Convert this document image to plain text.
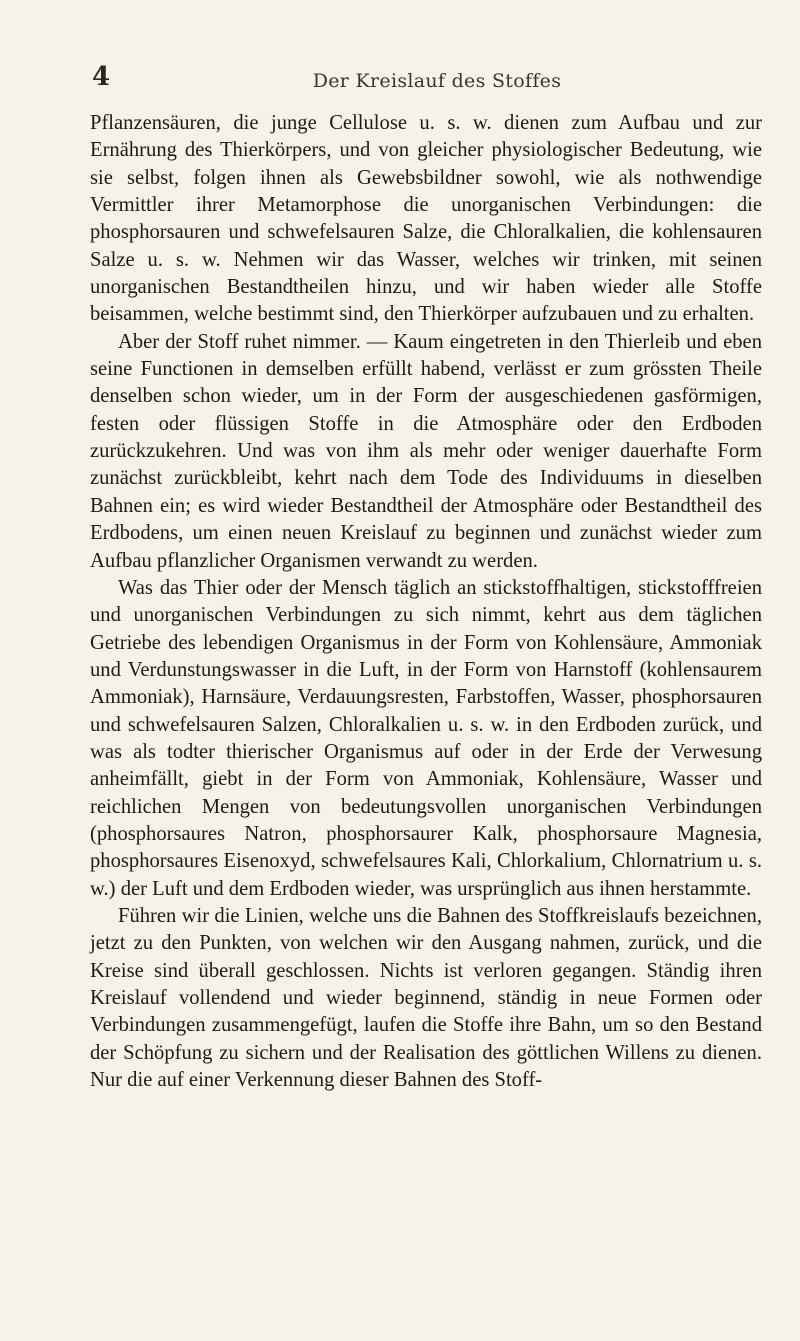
4	Der Kreislauf des Stoffes

Pflanzensäuren, die junge Cellulose u. s. w. dienen zum Aufbau und zur Ernährung des Thierkörpers, und von gleicher physiologischer Bedeutung, wie sie selbst, folgen ihnen als Gewebsbildner sowohl, wie als nothwendige Vermittler ihrer Metamorphose die unorganischen Verbindungen: die phosphorsauren und schwefelsauren Salze, die Chloralkalien, die kohlensauren Salze u. s. w. Nehmen wir das Wasser, welches wir trinken, mit seinen unorganischen Bestandtheilen hinzu, und wir haben wieder alle Stoffe beisammen, welche bestimmt sind, den Thierkörper aufzubauen und zu erhalten.

Aber der Stoff ruhet nimmer. — Kaum eingetreten in den Thierleib und eben seine Functionen in demselben erfüllt habend, verlässt er zum grössten Theile denselben schon wieder, um in der Form der ausgeschiedenen gasförmigen, festen oder flüssigen Stoffe in die Atmosphäre oder den Erdboden zurückzukehren. Und was von ihm als mehr oder weniger dauerhafte Form zunächst zurückbleibt, kehrt nach dem Tode des Individuums in dieselben Bahnen ein; es wird wieder Bestandtheil der Atmosphäre oder Bestandtheil des Erdbodens, um einen neuen Kreislauf zu beginnen und zunächst wieder zum Aufbau pflanzlicher Organismen verwandt zu werden.

Was das Thier oder der Mensch täglich an stickstoffhaltigen, stickstofffreien und unorganischen Verbindungen zu sich nimmt, kehrt aus dem täglichen Getriebe des lebendigen Organismus in der Form von Kohlensäure, Ammoniak und Verdunstungswasser in die Luft, in der Form von Harnstoff (kohlensaurem Ammoniak), Harnsäure, Verdauungsresten, Farbstoffen, Wasser, phosphorsauren und schwefelsauren Salzen, Chloralkalien u. s. w. in den Erdboden zurück, und was als todter thierischer Organismus auf oder in der Erde der Verwesung anheimfällt, giebt in der Form von Ammoniak, Kohlensäure, Wasser und reichlichen Mengen von bedeutungsvollen unorganischen Verbindungen (phosphorsaures Natron, phosphorsaurer Kalk, phosphorsaure Magnesia, phosphorsaures Eisenoxyd, schwefelsaures Kali, Chlorkalium, Chlornatrium u. s. w.) der Luft und dem Erdboden wieder, was ursprünglich aus ihnen herstammte.

Führen wir die Linien, welche uns die Bahnen des Stoffkreislaufs bezeichnen, jetzt zu den Punkten, von welchen wir den Ausgang nahmen, zurück, und die Kreise sind überall geschlossen. Nichts ist verloren gegangen. Ständig ihren Kreislauf vollendend und wieder beginnend, ständig in neue Formen oder Verbindungen zusammengefügt, laufen die Stoffe ihre Bahn, um so den Bestand der Schöpfung zu sichern und der Realisation des göttlichen Willens zu dienen. Nur die auf einer Verkennung dieser Bahnen des Stoff-
